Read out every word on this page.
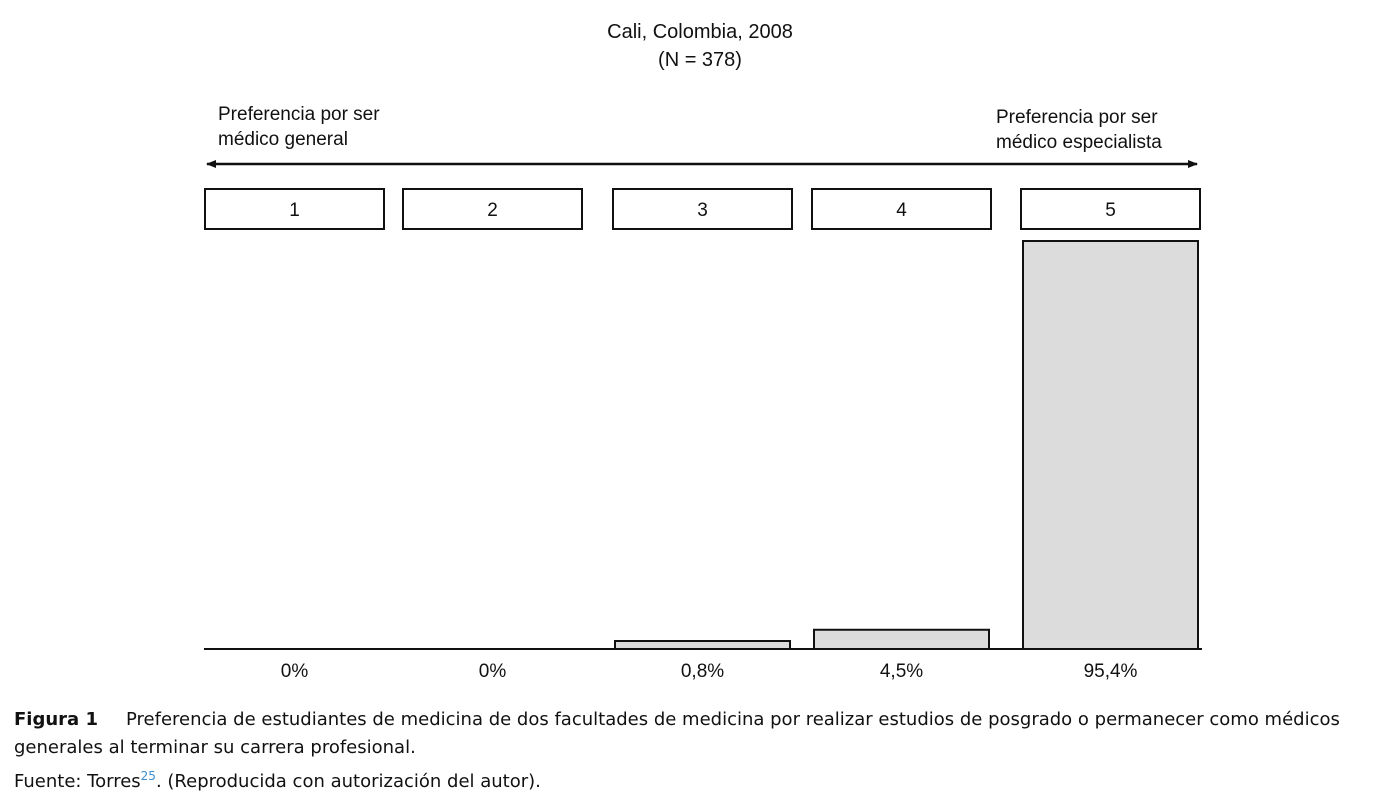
Cali, Colombia, 2008
(N = 378)
Preferencia por ser
médico general
Preferencia por ser
médico especialista
1	2	3	4	5
0%	0%	0,8%	4,5%	95,4%
Figura 1 Preferencia de estudiantes de medicina de dos facultades de medicina por realizar estudios de posgrado o permanecer como médicos generales al terminar su carrera profesional.
Fuente: Torres$^{25}$. (Reproducida con autorización del autor).
